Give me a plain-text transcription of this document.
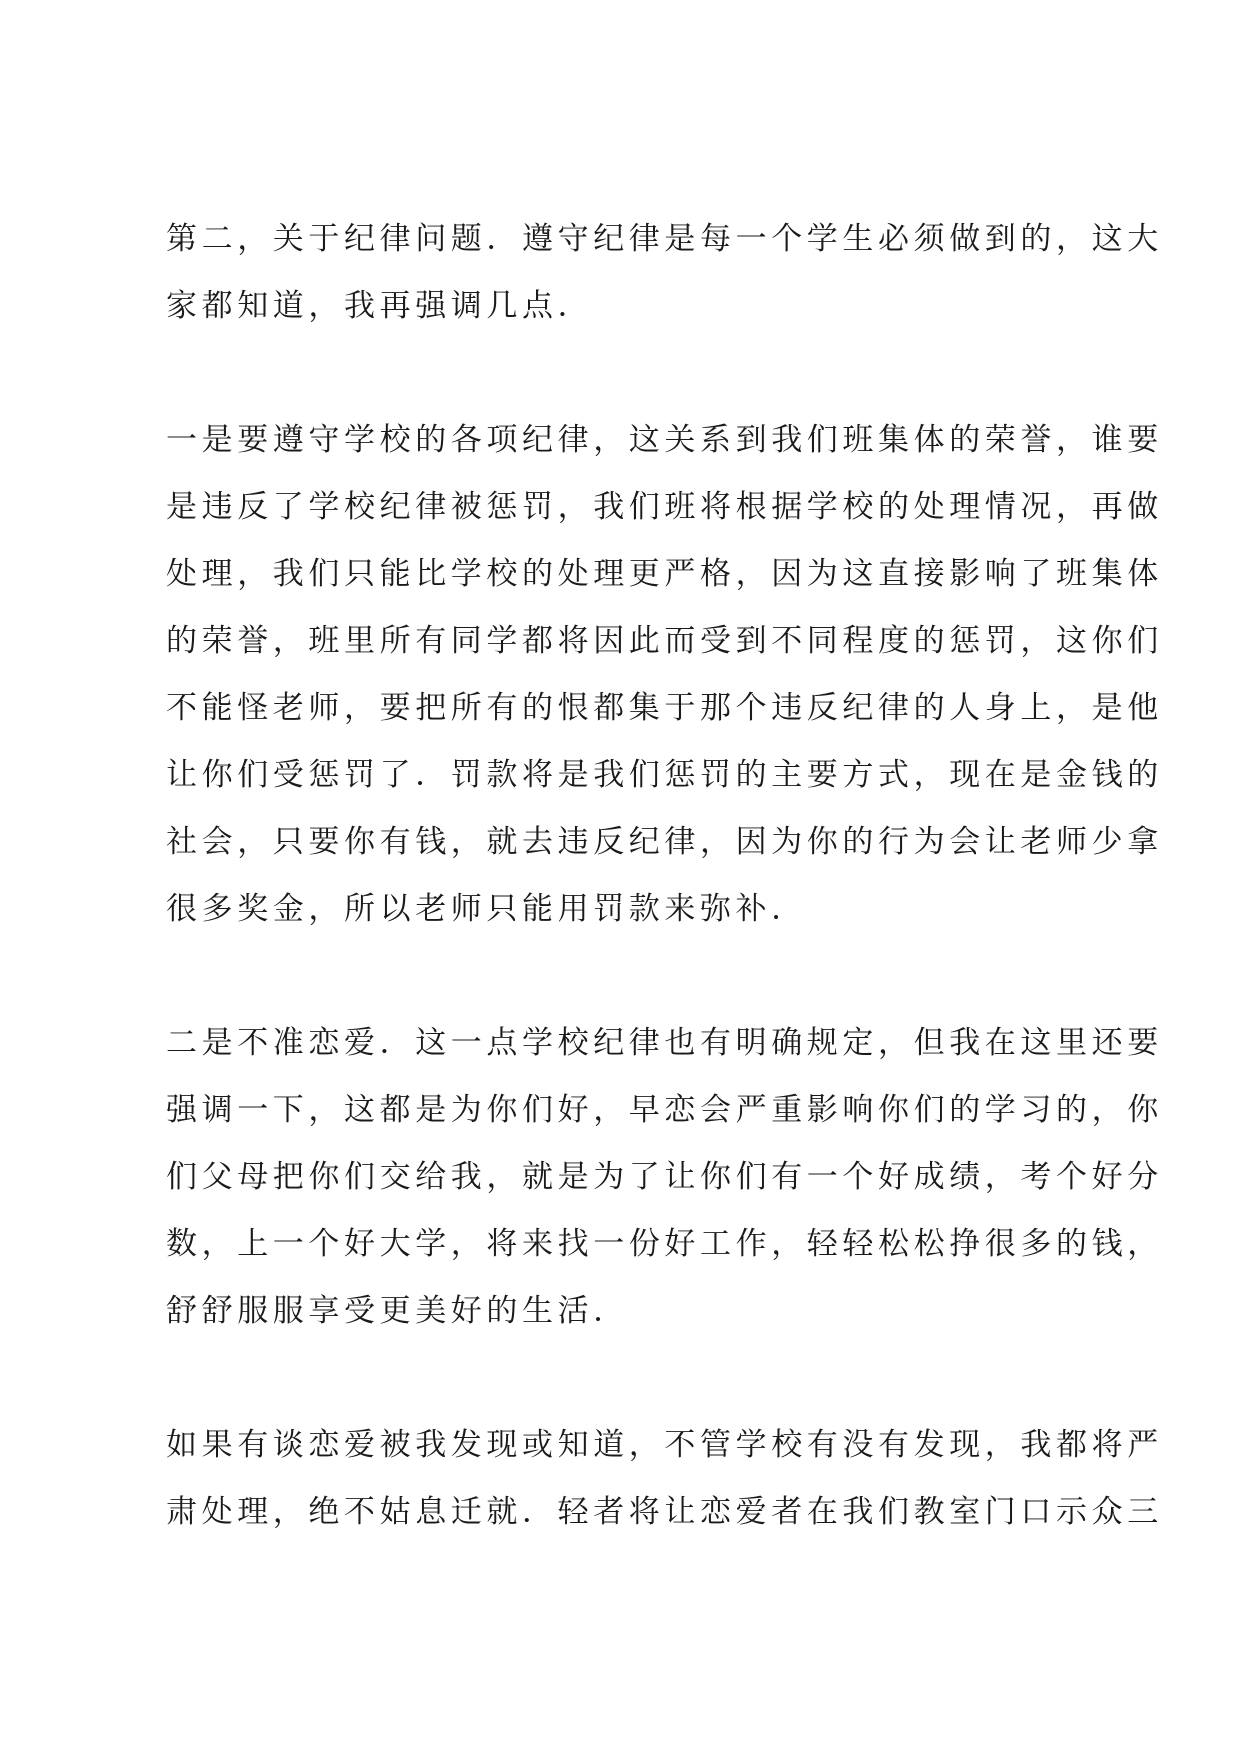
第二，关于纪律问题．遵守纪律是每一个学生必须做到的，这大
家都知道，我再强调几点．
一是要遵守学校的各项纪律，这关系到我们班集体的荣誉，谁要
是违反了学校纪律被惩罚，我们班将根据学校的处理情况，再做
处理，我们只能比学校的处理更严格，因为这直接影响了班集体
的荣誉，班里所有同学都将因此而受到不同程度的惩罚，这你们
不能怪老师，要把所有的恨都集于那个违反纪律的人身上，是他
让你们受惩罚了．罚款将是我们惩罚的主要方式，现在是金钱的
社会，只要你有钱，就去违反纪律，因为你的行为会让老师少拿
很多奖金，所以老师只能用罚款来弥补．
二是不准恋爱．这一点学校纪律也有明确规定，但我在这里还要
强调一下，这都是为你们好，早恋会严重影响你们的学习的，你
们父母把你们交给我，就是为了让你们有一个好成绩，考个好分
数，上一个好大学，将来找一份好工作，轻轻松松挣很多的钱，
舒舒服服享受更美好的生活．
如果有谈恋爱被我发现或知道，不管学校有没有发现，我都将严
肃处理，绝不姑息迁就．轻者将让恋爱者在我们教室门口示众三
